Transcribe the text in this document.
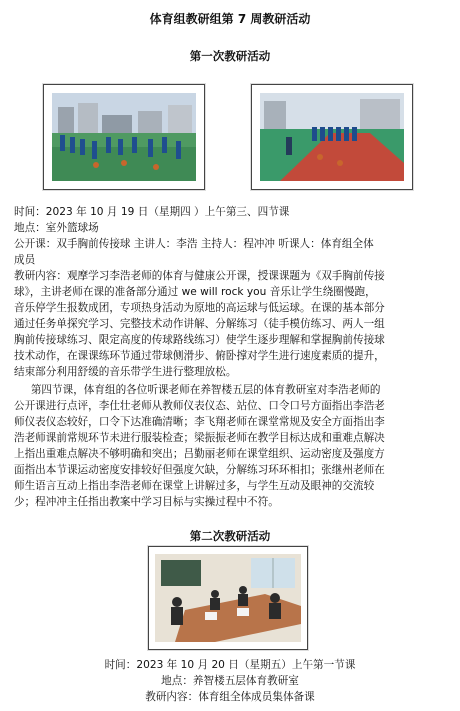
体育组教研组第 7 周教研活动
第一次教研活动
时间：2023 年 10 月 19 日（星期四 ）上午第三、四节课
地点：室外篮球场
公开课：双手胸前传接球 主讲人：李浩 主持人：程冲冲 听课人：体育组全体
成员
教研内容：观摩学习李浩老师的体育与健康公开课，授课课题为《双手胸前传接
球》，主讲老师在课的准备部分通过 we will rock you 音乐让学生绕圈慢跑，
音乐停学生报数成团，专项热身活动为原地的高运球与低运球。在课的基本部分
通过任务单探究学习、完整技术动作讲解、分解练习（徒手模仿练习、两人一组
胸前传接球练习、限定高度的传球路线练习）使学生逐步理解和掌握胸前传接球
技术动作，在课课练环节通过带球侧滑步、俯卧撑对学生进行速度素质的提升，
结束部分利用舒缓的音乐带学生进行整理放松。
第四节课，体育组的各位听课老师在养智楼五层的体育教研室对李浩老师的
公开课进行点评，李仕壮老师从教师仪表仪态、站位、口令口号方面指出李浩老
师仪表仪态较好，口令下达准确清晰；李飞翔老师在课堂常规及安全方面指出李
浩老师课前常规环节未进行服装检查；梁振振老师在教学目标达成和重难点解决
上指出重难点解决不够明确和突出；吕勤丽老师在课堂组织、运动密度及强度方
面指出本节课运动密度安排较好但强度欠缺，分解练习环环相扣；张继州老师在
师生语言互动上指出李浩老师在课堂上讲解过多，与学生互动及眼神的交流较
少；程冲冲主任指出教案中学习目标与实操过程中不符。
第二次教研活动
时间：2023 年 10 月 20 日（星期五）上午第一节课
地点：养智楼五层体育教研室
教研内容：体育组全体成员集体备课
